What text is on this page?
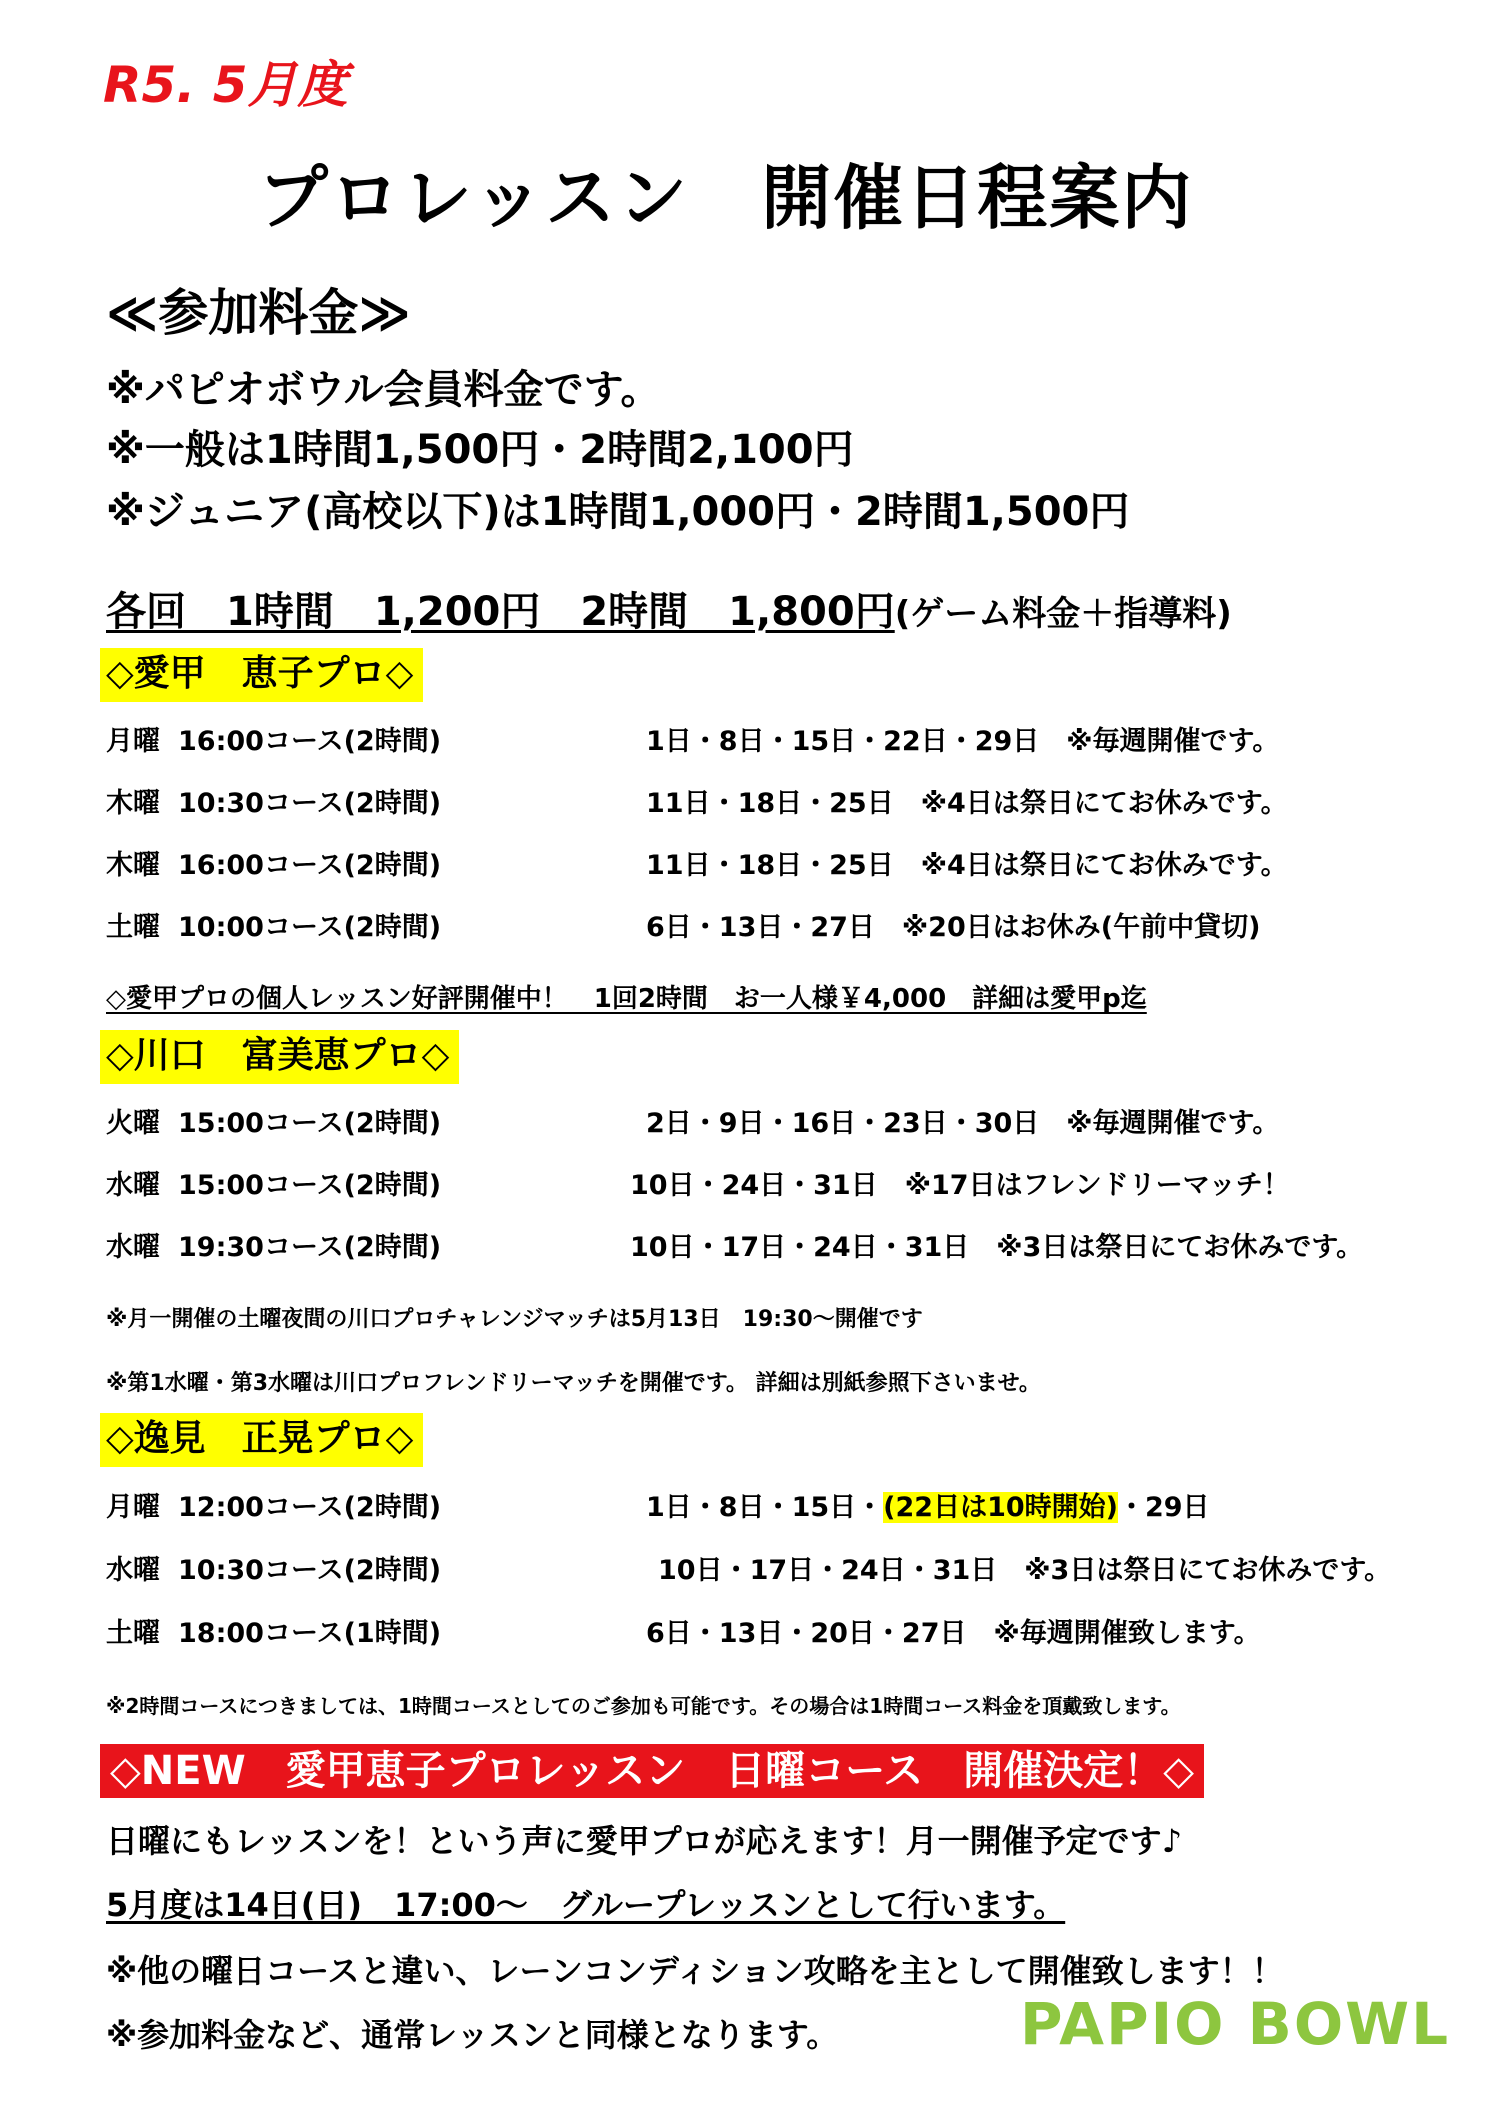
R5. 5月度
プロレッスン　開催日程案内
≪参加料金≫
※パピオボウル会員料金です。
※一般は1時間1,500円・2時間2,100円
※ジュニア(高校以下)は1時間1,000円・2時間1,500円
各回　1時間　1,200円　2時間　1,800円(ゲーム料金＋指導料)
◇愛甲　恵子プロ◇
月曜 16:00コース(2時間)	1日・8日・15日・22日・29日　※毎週開催です。
木曜 10:30コース(2時間)	11日・18日・25日　※4日は祭日にてお休みです。
木曜 16:00コース(2時間)	11日・18日・25日　※4日は祭日にてお休みです。
土曜 10:00コース(2時間)	6日・13日・27日　※20日はお休み(午前中貸切)
◇愛甲プロの個人レッスン好評開催中！　1回2時間　お一人様￥4,000　詳細は愛甲p迄
◇川口　富美恵プロ◇
火曜 15:00コース(2時間)	2日・9日・16日・23日・30日　※毎週開催です。
水曜 15:00コース(2時間)	10日・24日・31日　※17日はフレンドリーマッチ！
水曜 19:30コース(2時間)	10日・17日・24日・31日　※3日は祭日にてお休みです。
※月一開催の土曜夜間の川口プロチャレンジマッチは5月13日　19:30～開催です
※第1水曜・第3水曜は川口プロフレンドリーマッチを開催です。 詳細は別紙参照下さいませ。
◇逸見　正晃プロ◇
月曜 12:00コース(2時間)	1日・8日・15日・(22日は10時開始)・29日
水曜 10:30コース(2時間)	10日・17日・24日・31日　※3日は祭日にてお休みです。
土曜 18:00コース(1時間)	6日・13日・20日・27日　※毎週開催致します。
※2時間コースにつきましては、1時間コースとしてのご参加も可能です。その場合は1時間コース料金を頂戴致します。
◇NEW　愛甲恵子プロレッスン　日曜コース　開催決定！◇
日曜にもレッスンを！という声に愛甲プロが応えます！月一開催予定です♪
5月度は14日(日)　17:00～　グループレッスンとして行います。
※他の曜日コースと違い、レーンコンディション攻略を主として開催致します！！
※参加料金など、通常レッスンと同様となります。	PAPIO BOWL
